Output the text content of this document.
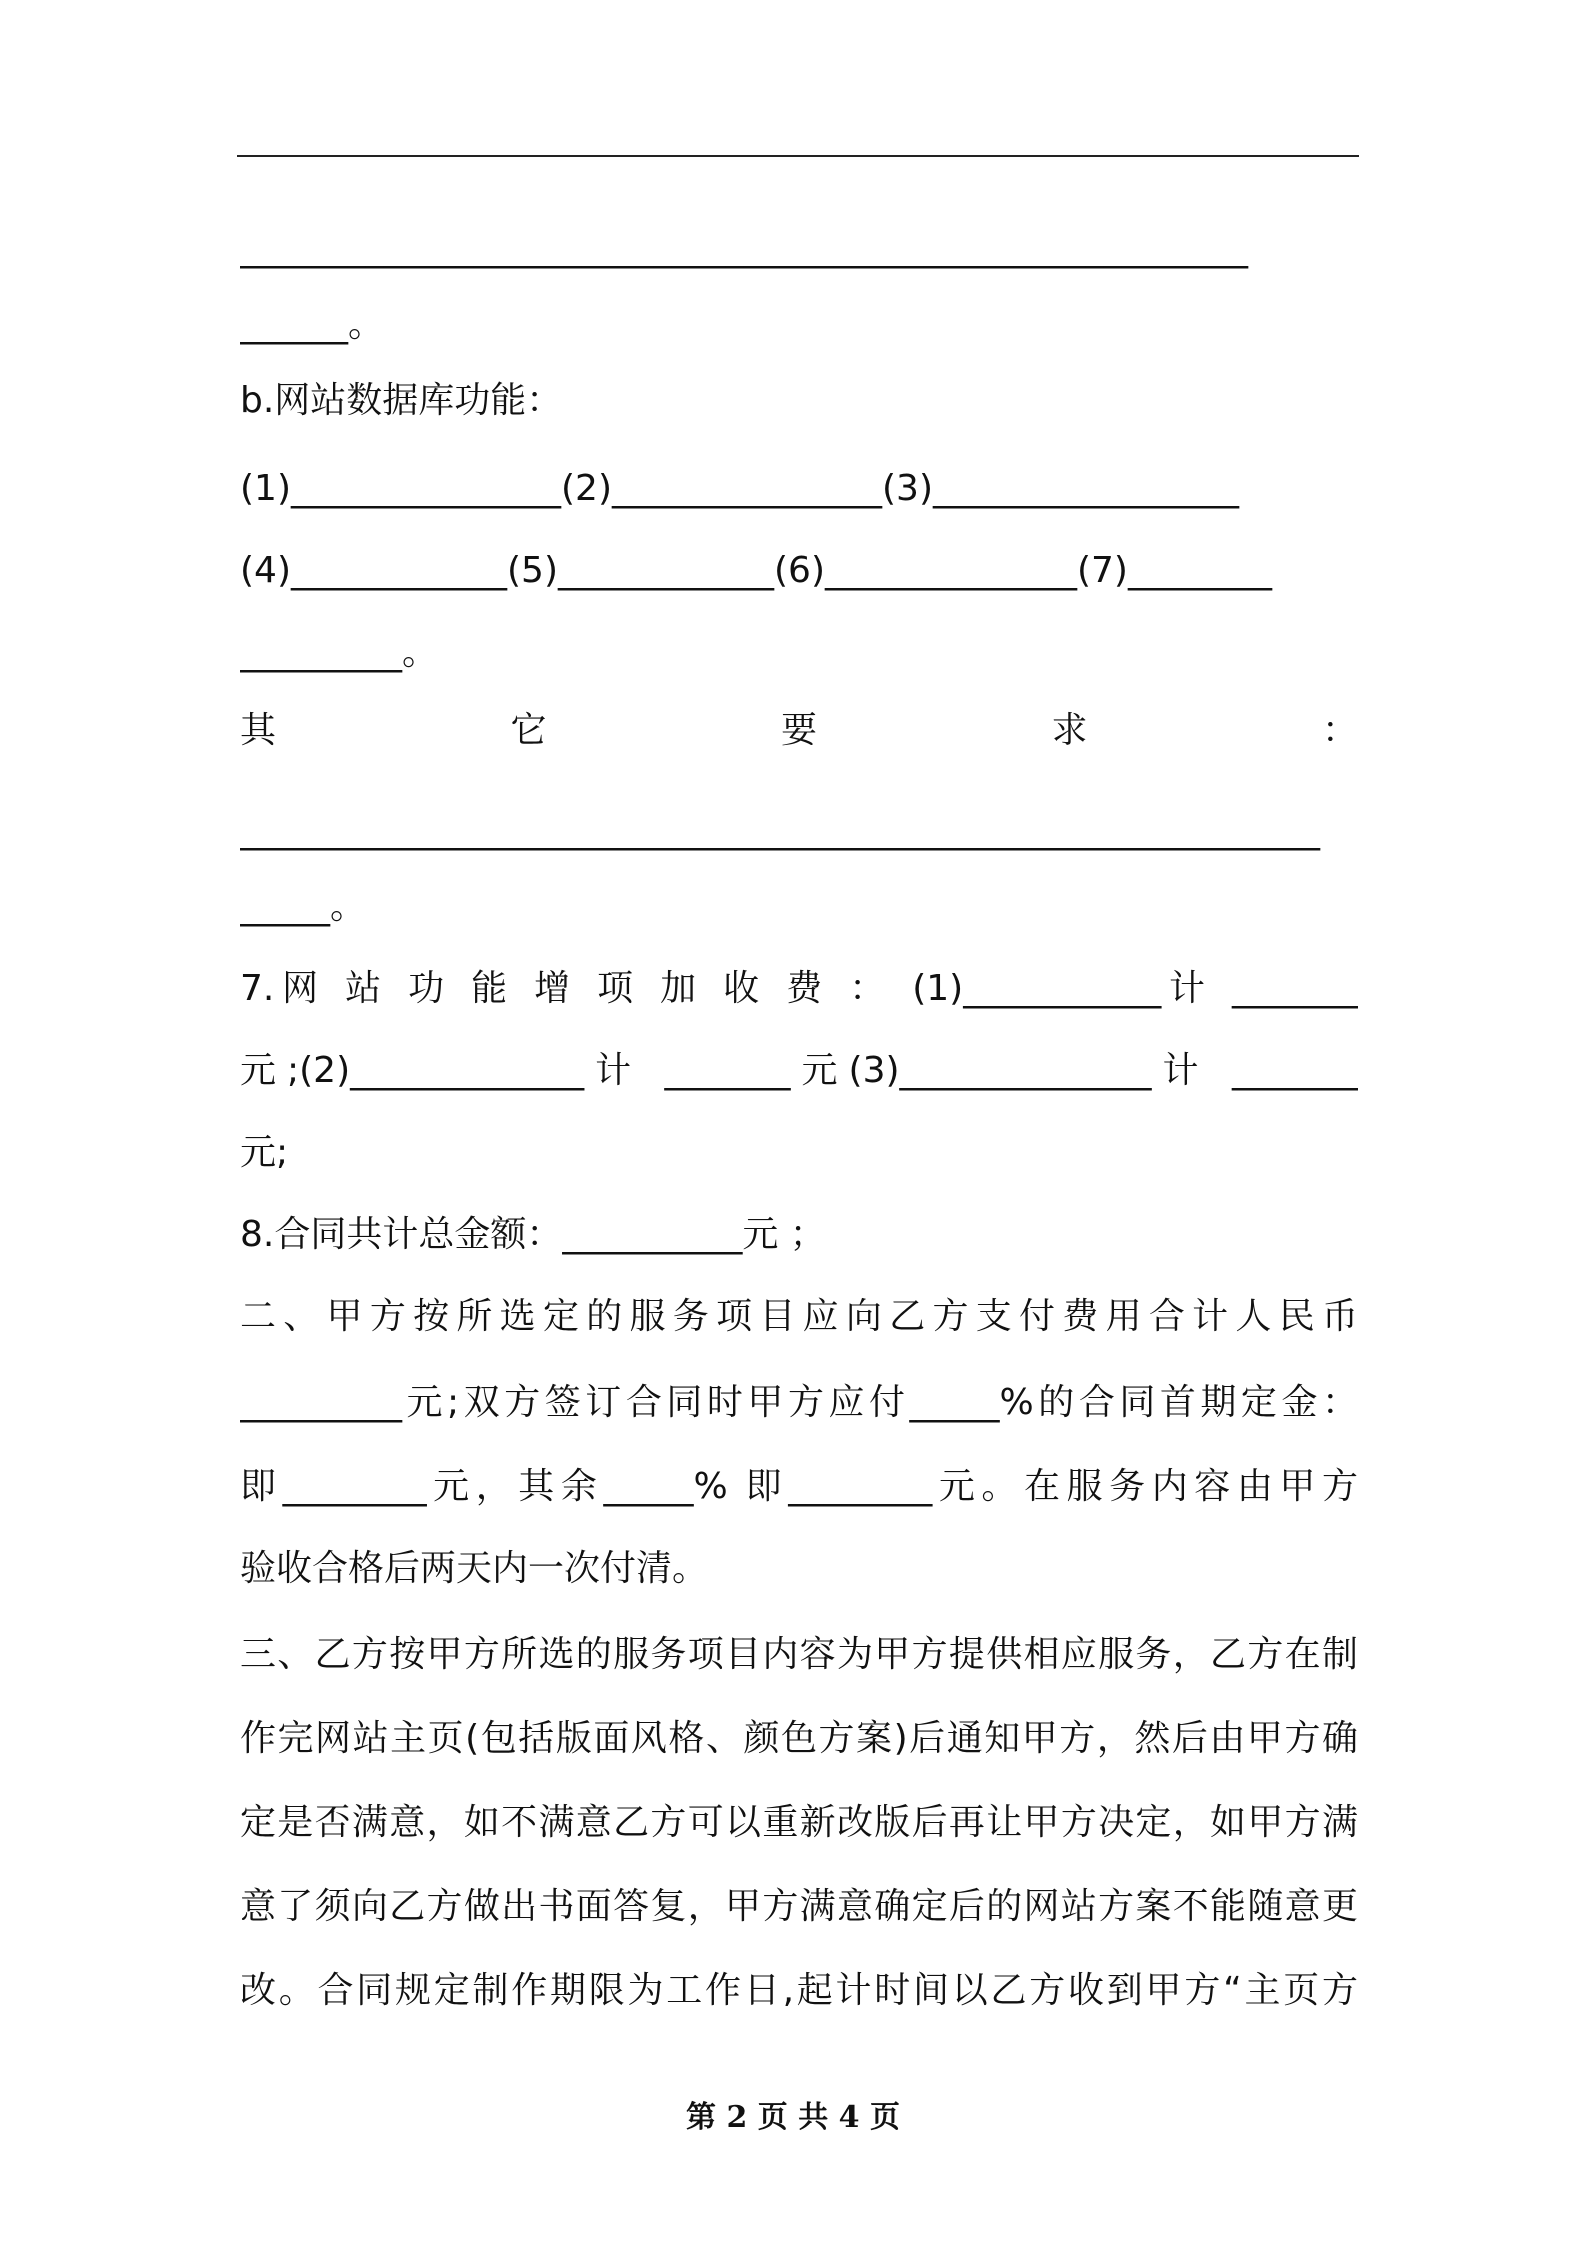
________________________________________________________
______。
b.网站数据库功能：
(1)_______________(2)_______________(3)_________________
(4)____________(5)____________(6)______________(7)________
_________。
其	它	要	求	：
____________________________________________________________
_____。
7.网 站 功 能 增 项 加 收 费 ： (1)___________计 _______
元;(2)_____________计 _______元(3)______________计 _______
元;
8.合同共计总金额：__________元 ；
二、甲方按所选定的服务项目应向乙方支付费用合计人民币
_________元;双方签订合同时甲方应付_____%的合同首期定金：
即________元，其余_____% 即________元。在服务内容由甲方
验收合格后两天内一次付清。
三、乙方按甲方所选的服务项目内容为甲方提供相应服务，乙方在制
作完网站主页(包括版面风格、颜色方案)后通知甲方，然后由甲方确
定是否满意，如不满意乙方可以重新改版后再让甲方决定，如甲方满
意了须向乙方做出书面答复，甲方满意确定后的网站方案不能随意更
改。合同规定制作期限为工作日,起计时间以乙方收到甲方“主页方
第 2 页 共 4 页
